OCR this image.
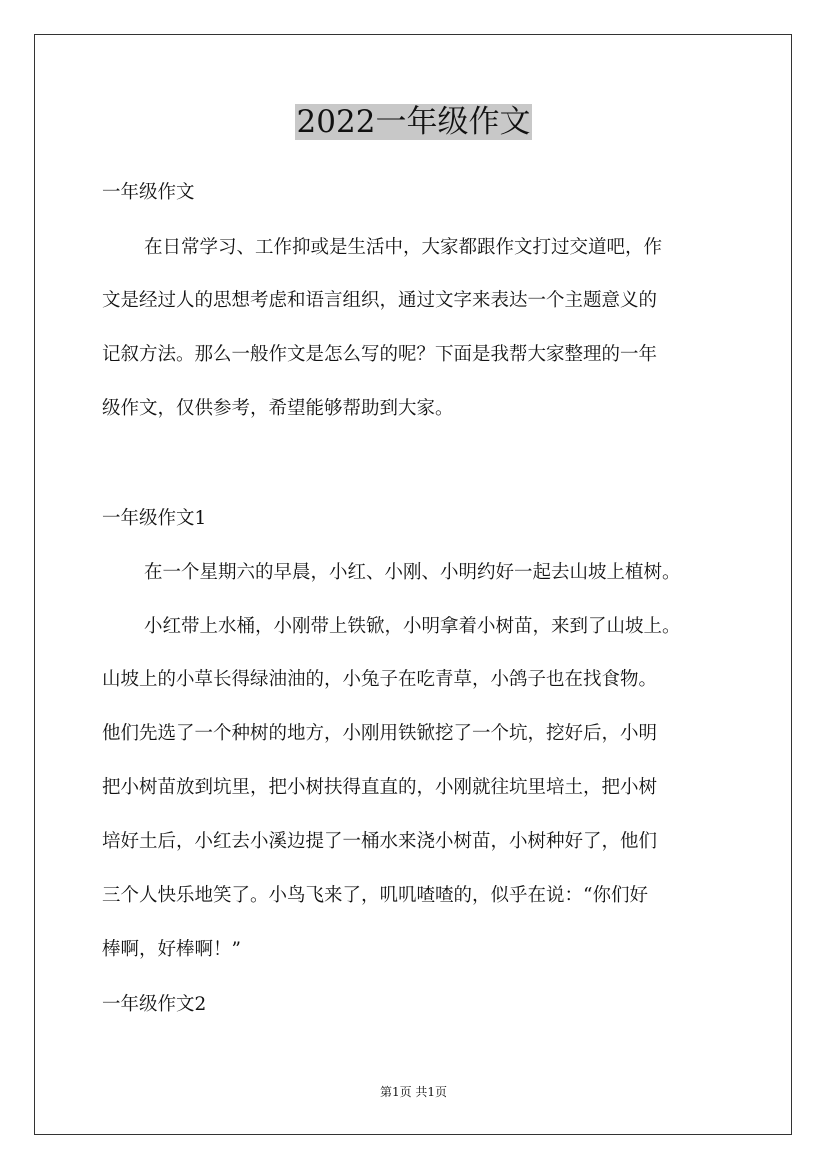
2022一年级作文

一年级作文

在日常学习、工作抑或是生活中，大家都跟作文打过交道吧，作

文是经过人的思想考虑和语言组织，通过文字来表达一个主题意义的

记叙方法。那么一般作文是怎么写的呢？下面是我帮大家整理的一年

级作文，仅供参考，希望能够帮助到大家。

一年级作文1

在一个星期六的早晨，小红、小刚、小明约好一起去山坡上植树。

小红带上水桶，小刚带上铁锨，小明拿着小树苗，来到了山坡上。

山坡上的小草长得绿油油的，小兔子在吃青草，小鸽子也在找食物。

他们先选了一个种树的地方，小刚用铁锨挖了一个坑，挖好后，小明

把小树苗放到坑里，把小树扶得直直的，小刚就往坑里培土，把小树

培好土后，小红去小溪边提了一桶水来浇小树苗，小树种好了，他们

三个人快乐地笑了。小鸟飞来了，叽叽喳喳的，似乎在说：“你们好

棒啊，好棒啊！”

一年级作文2

第1页 共1页
